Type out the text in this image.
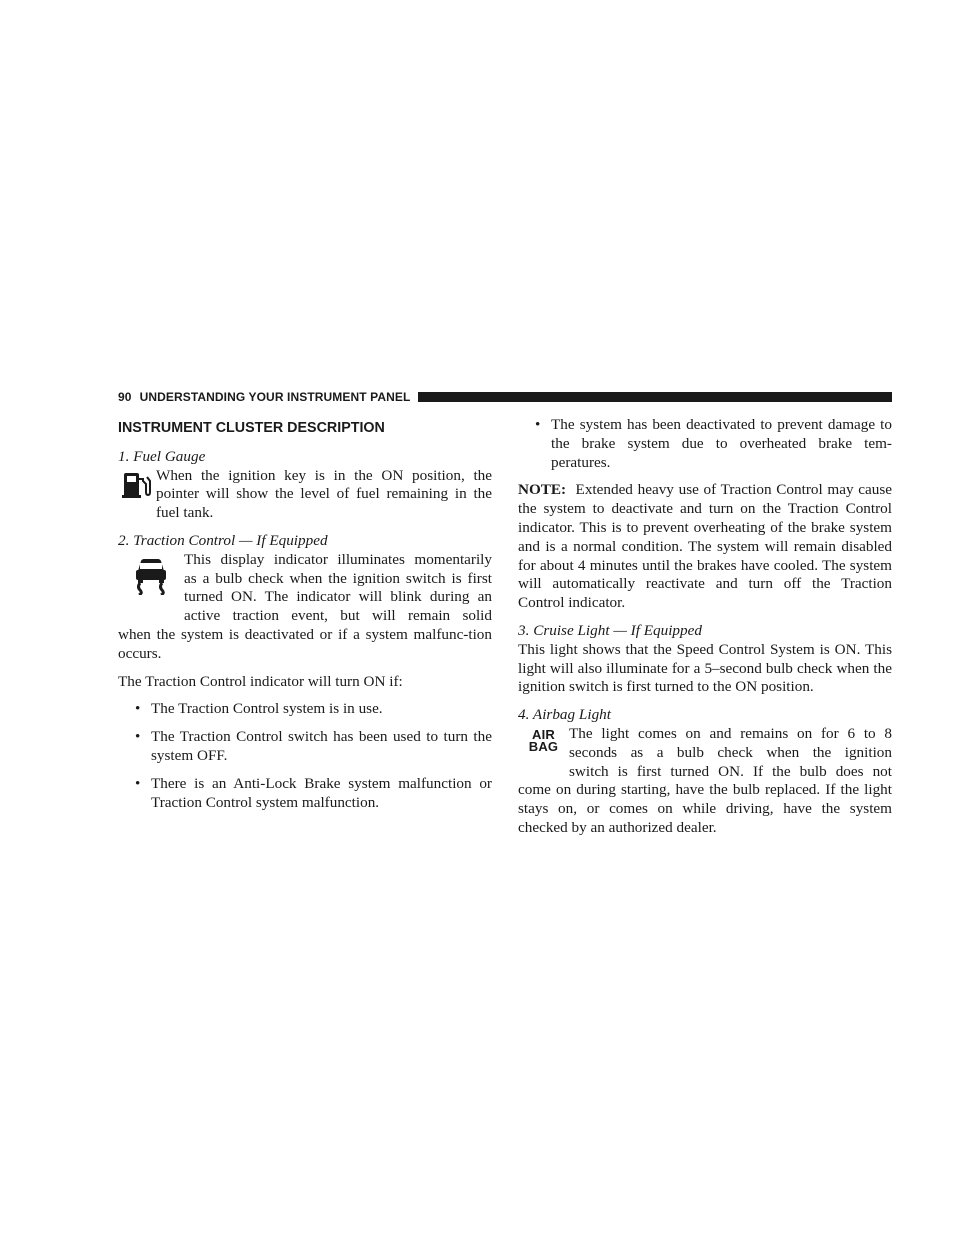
90 UNDERSTANDING YOUR INSTRUMENT PANEL
INSTRUMENT CLUSTER DESCRIPTION
1. Fuel Gauge
When the ignition key is in the ON position, the pointer will show the level of fuel remaining in the fuel tank.
2. Traction Control — If Equipped
This display indicator illuminates momentarily
as a bulb check when the ignition switch is first
turned ON. The indicator will blink during an
active traction event, but will remain solid

when the system is deactivated or if a system malfunc-tion occurs.

The Traction Control indicator will turn ON if:

• The Traction Control system is in use.
• The Traction Control switch has been used to turn the system OFF.
• There is an Anti-Lock Brake system malfunction or Traction Control system malfunction.
• The system has been deactivated to prevent damage to the brake system due to overheated brake tem-peratures.

NOTE: Extended heavy use of Traction Control may cause the system to deactivate and turn on the Traction Control indicator. This is to prevent overheating of the brake system and is a normal condition. The system will remain disabled for about 4 minutes until the brakes have cooled. The system will automatically reactivate and turn off the Traction Control indicator.

3. Cruise Light — If Equipped

This light shows that the Speed Control System is ON. This light will also illuminate for a 5–second bulb check when the ignition switch is first turned to the ON position.

4. Airbag Light
AIR
BAG
The light comes on and remains on for 6 to 8
seconds as a bulb check when the ignition
switch is first turned ON. If the bulb does not

come on during starting, have the bulb replaced. If the light stays on, or comes on while driving, have the system checked by an authorized dealer.
